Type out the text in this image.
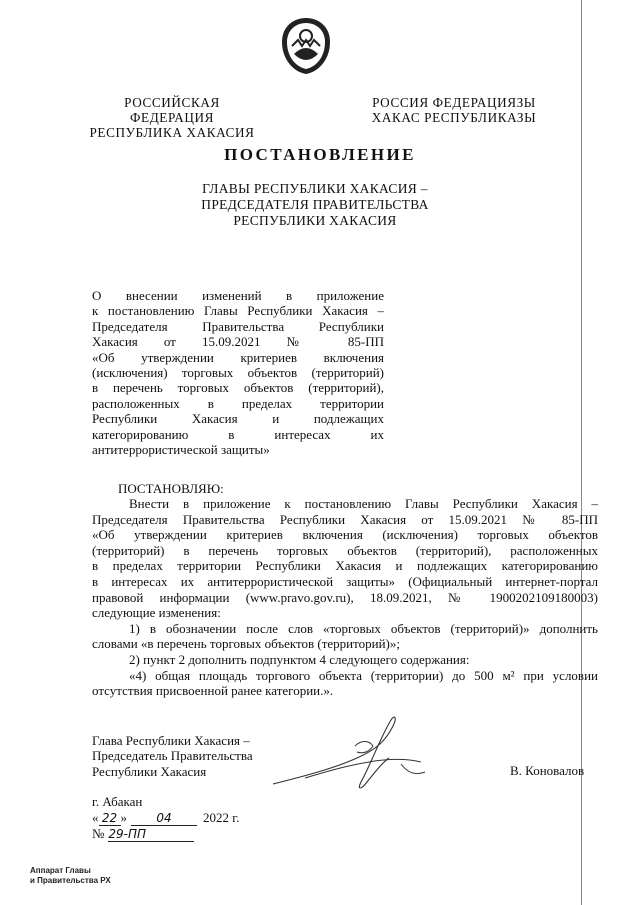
РОССИЙСКАЯ ФЕДЕРАЦИЯ
РЕСПУБЛИКА ХАКАСИЯ
РОССИЯ ФЕДЕРАЦИЯЗЫ
ХАКАС РЕСПУБЛИКАЗЫ
ПОСТАНОВЛЕНИЕ
ГЛАВЫ РЕСПУБЛИКИ ХАКАСИЯ –
ПРЕДСЕДАТЕЛЯ ПРАВИТЕЛЬСТВА
РЕСПУБЛИКИ ХАКАСИЯ
О внесении изменений в приложение
к постановлению Главы Республики Хакасия –
Председателя Правительства Республики
Хакасия от 15.09.2021 № 85-ПП
«Об утверждении критериев включения
(исключения) торговых объектов (территорий)
в перечень торговых объектов (территорий),
расположенных в пределах территории
Республики Хакасия и подлежащих
категорированию в интересах их
антитеррористической защиты»
ПОСТАНОВЛЯЮ:
Внести в приложение к постановлению Главы Республики Хакасия –
Председателя Правительства Республики Хакасия от 15.09.2021 № 85-ПП
«Об утверждении критериев включения (исключения) торговых объектов
(территорий) в перечень торговых объектов (территорий), расположенных
в пределах территории Республики Хакасия и подлежащих категорированию
в интересах их антитеррористической защиты» (Официальный интернет-портал
правовой информации (www.pravo.gov.ru), 18.09.2021, № 1900202109180003)
следующие изменения:
1) в обозначении после слов «торговых объектов (территорий)» дополнить
словами «в перечень торговых объектов (территорий)»;
2) пункт 2 дополнить подпунктом 4 следующего содержания:
«4) общая площадь торгового объекта (территории) до 500 м² при условии
отсутствия присвоенной ранее категории.».
Глава Республики Хакасия –
Председатель Правительства
Республики Хакасия	В. Коновалов
г. Абакан
« 22 » 04 2022 г.
№ 29-ПП
Аппарат Главы
и Правительства РХ
